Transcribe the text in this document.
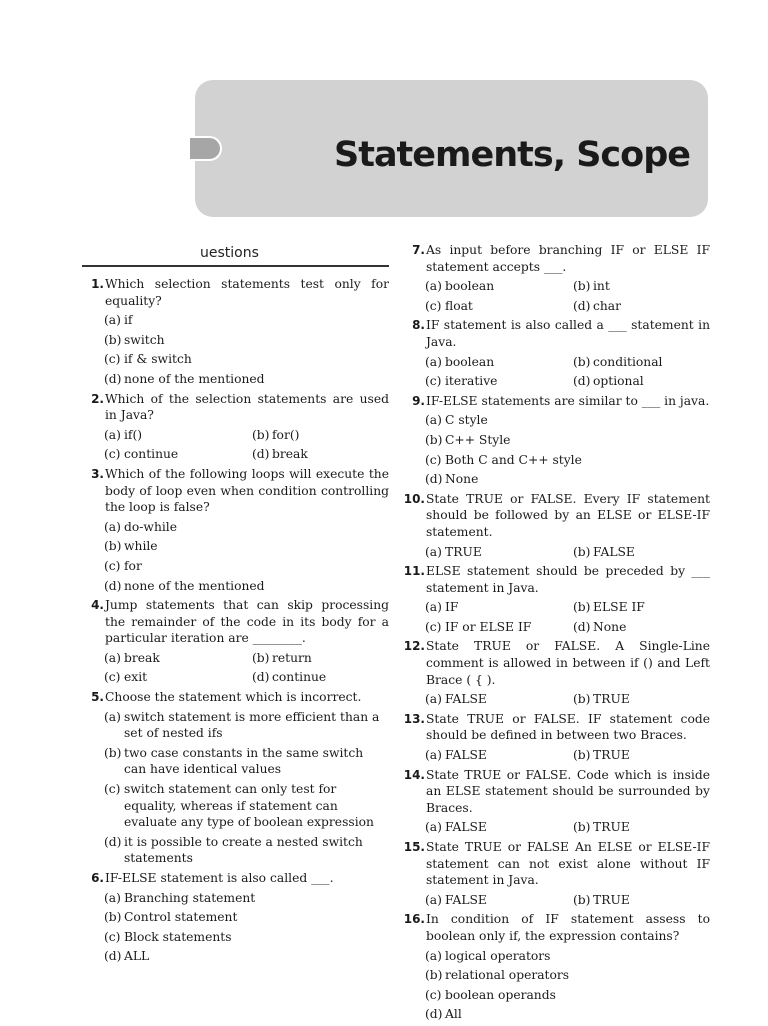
Statements, Scope
uestions
1. Which selection statements test only for equality?
(a) if
(b) switch
(c) if & switch
(d) none of the mentioned
2. Which of the selection statements are used in Java?
(a) if()	(b) for()
(c) continue	(d) break
3. Which of the following loops will execute the body of loop even when condition controlling the loop is false?
(a) do-while
(b) while
(c) for
(d) none of the mentioned
4. Jump statements that can skip processing the remainder of the code in its body for a particular iteration are ________.
(a) break	(b) return
(c) exit	(d) continue
5. Choose the statement which is incorrect.
(a) switch statement is more efficient than a set of nested ifs
(b) two case constants in the same switch can have identical values
(c) switch statement can only test for equality, whereas if statement can evaluate any type of boolean expression
(d) it is possible to create a nested switch statements
6. IF-ELSE statement is also called ___.
(a) Branching statement
(b) Control statement
(c) Block statements
(d) ALL
7. As input before branching IF or ELSE IF statement accepts ___.
(a) boolean	(b) int
(c) float	(d) char
8. IF statement is also called a ___ statement in Java.
(a) boolean	(b) conditional
(c) iterative	(d) optional
9. IF-ELSE statements are similar to ___ in java.
(a) C style
(b) C++ Style
(c) Both C and C++ style
(d) None
10. State TRUE or FALSE. Every IF statement should be followed by an ELSE or ELSE-IF statement.
(a) TRUE	(b) FALSE
11. ELSE statement should be preceded by ___ statement in Java.
(a) IF	(b) ELSE IF
(c) IF or ELSE IF	(d) None
12. State TRUE or FALSE. A Single-Line comment is allowed in between if () and Left Brace ( { ).
(a) FALSE	(b) TRUE
13. State TRUE or FALSE. IF statement code should be defined in between two Braces.
(a) FALSE	(b) TRUE
14. State TRUE or FALSE. Code which is inside an ELSE statement should be surrounded by Braces.
(a) FALSE	(b) TRUE
15. State TRUE or FALSE An ELSE or ELSE-IF statement can not exist alone without IF statement in Java.
(a) FALSE	(b) TRUE
16. In condition of IF statement assess to boolean only if, the expression contains?
(a) logical operators
(b) relational operators
(c) boolean operands
(d) All
